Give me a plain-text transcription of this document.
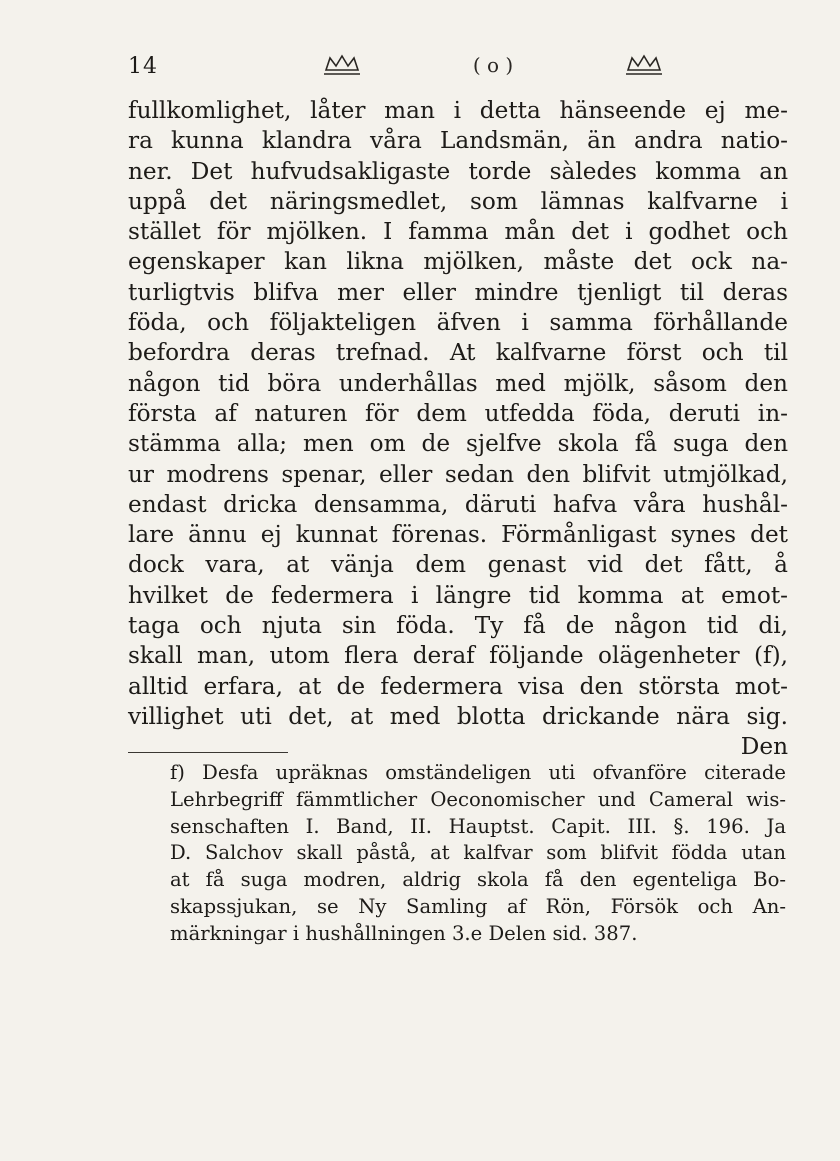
14	( o )
fullkomlighet, låter man i detta hänseende ej me-
ra kunna klandra våra Landsmän, än andra natio-
ner. Det hufvudsakligaste torde sàledes komma an
uppå det näringsmedlet, som lämnas kalfvarne i
stället för mjölken. I famma mån det i godhet och
egenskaper kan likna mjölken, måste det ock na-
turligtvis blifva mer eller mindre tjenligt til deras
föda, och följakteligen äfven i samma förhållande
befordra deras trefnad. At kalfvarne först och til
någon tid böra underhållas med mjölk, såsom den
första af naturen för dem utfedda föda, deruti in-
stämma alla; men om de sjelfve skola få suga den
ur modrens spenar, eller sedan den blifvit utmjölkad,
endast dricka densamma, däruti hafva våra hushål-
lare ännu ej kunnat förenas. Förmånligast synes det
dock vara, at vänja dem genast vid det fått, å
hvilket de federmera i längre tid komma at emot-
taga och njuta sin föda. Ty få de någon tid di,
skall man, utom flera deraf följande olägenheter (f),
alltid erfara, at de federmera visa den största mot-
villighet uti det, at med blotta drickande nära sig.
Den
f) Desfa upräknas omständeligen uti ofvanföre citerade
Lehrbegriff fämmtlicher Oeconomischer und Cameral wis-
senschaften I. Band, II. Hauptst. Capit. III. §. 196. Ja
D. Salchov skall påstå, at kalfvar som blifvit födda utan
at få suga modren, aldrig skola få den egenteliga Bo-
skapssjukan, se Ny Samling af Rön, Försök och An-
märkningar i hushållningen 3.e Delen sid. 387.
